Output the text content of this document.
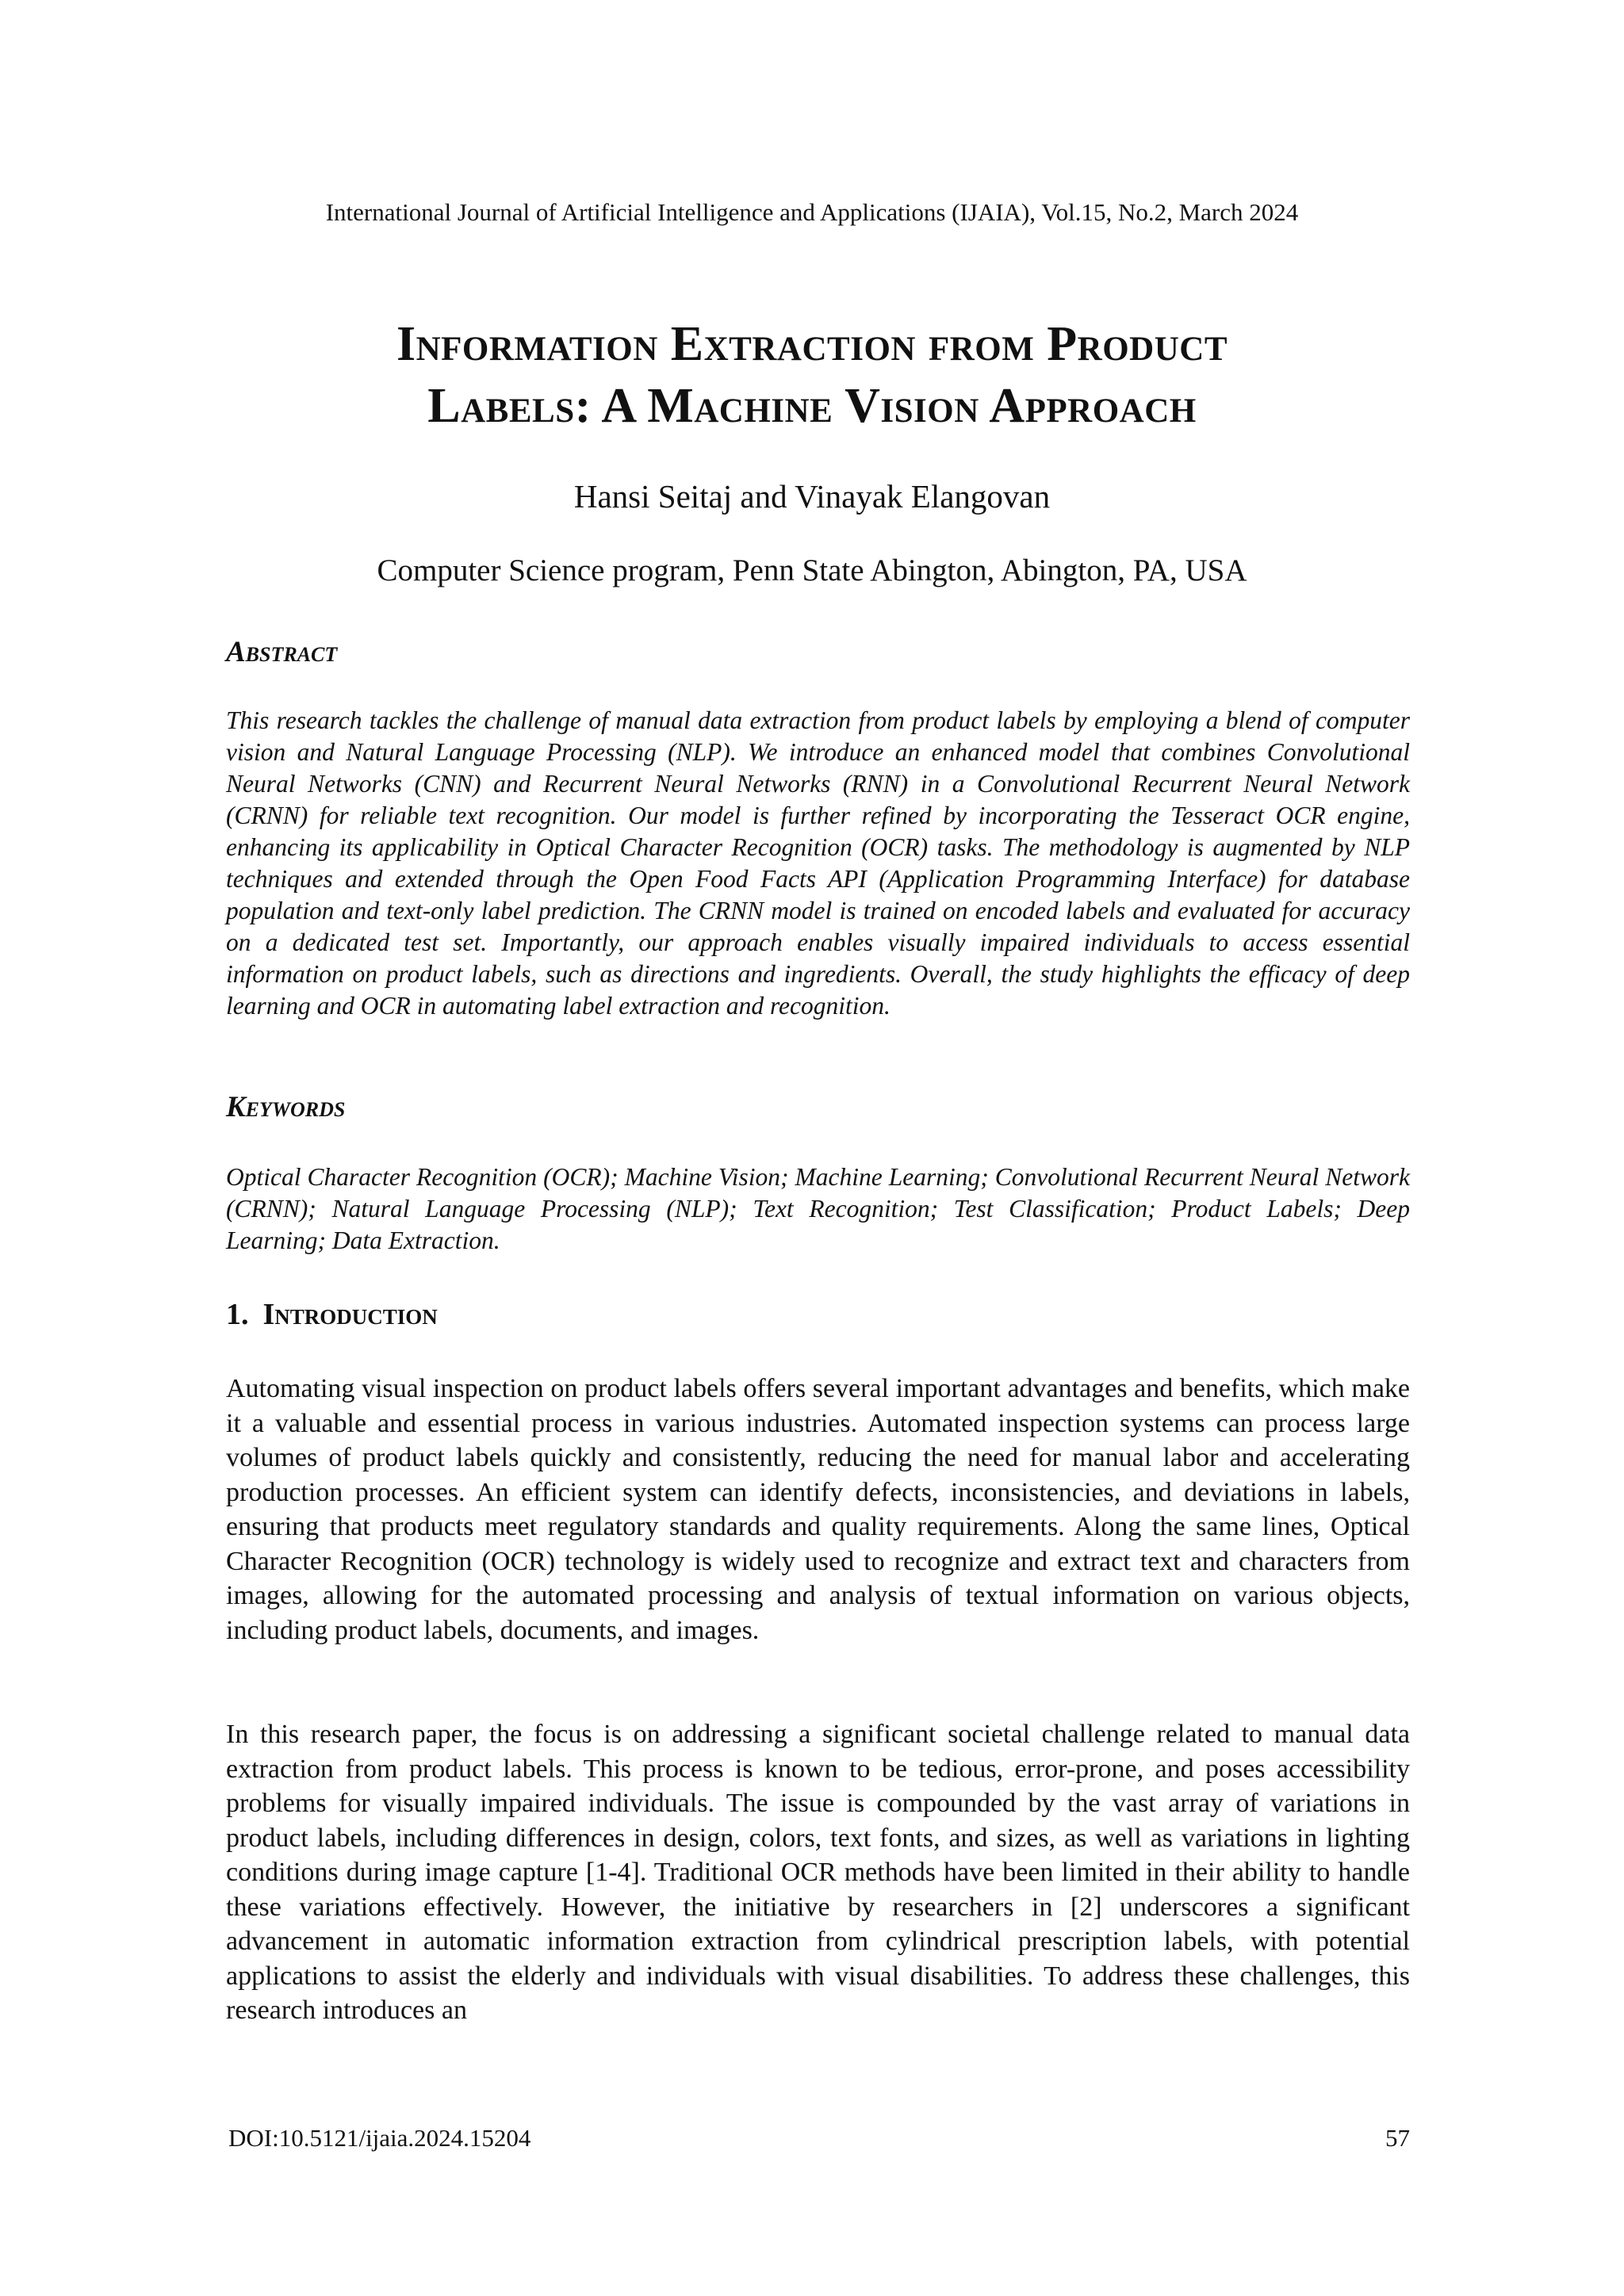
International Journal of Artificial Intelligence and Applications (IJAIA), Vol.15, No.2, March 2024
Information Extraction from Product
Labels: A Machine Vision Approach
Hansi Seitaj and Vinayak Elangovan
Computer Science program, Penn State Abington, Abington, PA, USA
Abstract

This research tackles the challenge of manual data extraction from product labels by employing a blend of computer vision and Natural Language Processing (NLP). We introduce an enhanced model that combines Convolutional Neural Networks (CNN) and Recurrent Neural Networks (RNN) in a Convolutional Recurrent Neural Network (CRNN) for reliable text recognition. Our model is further refined by incorporating the Tesseract OCR engine, enhancing its applicability in Optical Character Recognition (OCR) tasks. The methodology is augmented by NLP techniques and extended through the Open Food Facts API (Application Programming Interface) for database population and text-only label prediction. The CRNN model is trained on encoded labels and evaluated for accuracy on a dedicated test set. Importantly, our approach enables visually impaired individuals to access essential information on product labels, such as directions and ingredients. Overall, the study highlights the efficacy of deep learning and OCR in automating label extraction and recognition.

Keywords

Optical Character Recognition (OCR); Machine Vision; Machine Learning; Convolutional Recurrent Neural Network (CRNN); Natural Language Processing (NLP); Text Recognition; Test Classification; Product Labels; Deep Learning; Data Extraction.

1. Introduction

Automating visual inspection on product labels offers several important advantages and benefits, which make it a valuable and essential process in various industries. Automated inspection systems can process large volumes of product labels quickly and consistently, reducing the need for manual labor and accelerating production processes. An efficient system can identify defects, inconsistencies, and deviations in labels, ensuring that products meet regulatory standards and quality requirements. Along the same lines, Optical Character Recognition (OCR) technology is widely used to recognize and extract text and characters from images, allowing for the automated processing and analysis of textual information on various objects, including product labels, documents, and images.

In this research paper, the focus is on addressing a significant societal challenge related to manual data extraction from product labels. This process is known to be tedious, error-prone, and poses accessibility problems for visually impaired individuals. The issue is compounded by the vast array of variations in product labels, including differences in design, colors, text fonts, and sizes, as well as variations in lighting conditions during image capture [1-4]. Traditional OCR methods have been limited in their ability to handle these variations effectively. However, the initiative by researchers in [2] underscores a significant advancement in automatic information extraction from cylindrical prescription labels, with potential applications to assist the elderly and individuals with visual disabilities. To address these challenges, this research introduces an

DOI:10.5121/ijaia.2024.15204	57
